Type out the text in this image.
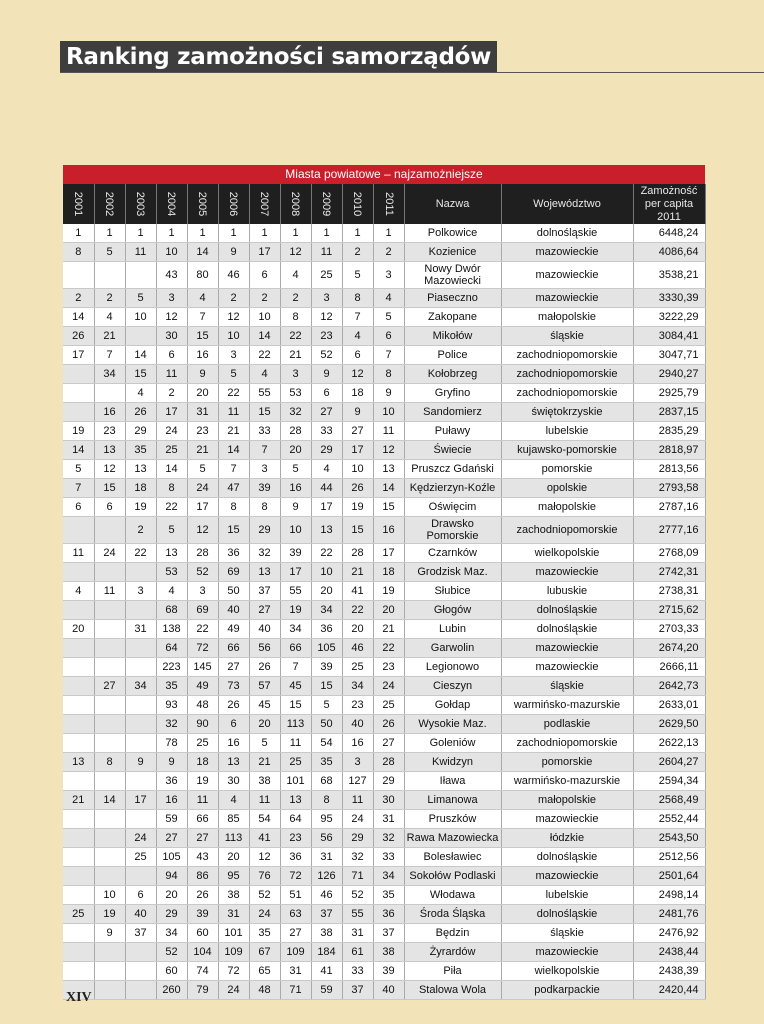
Ranking zamożności samorządów
Miasta powiatowe – najzamożniejsze
2001	2002	2003	2004	2005	2006	2007	2008	2009	2010	2011	Nazwa	Województwo	Zamożność per capita 2011
1	1	1	1	1	1	1	1	1	1	1	Polkowice	dolnośląskie	6448,24
8	5	11	10	14	9	17	12	11	2	2	Kozienice	mazowieckie	4086,64
			43	80	46	6	4	25	5	3	Nowy Dwór Mazowiecki	mazowieckie	3538,21
2	2	5	3	4	2	2	2	3	8	4	Piaseczno	mazowieckie	3330,39
14	4	10	12	7	12	10	8	12	7	5	Zakopane	małopolskie	3222,29
26	21		30	15	10	14	22	23	4	6	Mikołów	śląskie	3084,41
17	7	14	6	16	3	22	21	52	6	7	Police	zachodniopomorskie	3047,71
	34	15	11	9	5	4	3	9	12	8	Kołobrzeg	zachodniopomorskie	2940,27
		4	2	20	22	55	53	6	18	9	Gryfino	zachodniopomorskie	2925,79
	16	26	17	31	11	15	32	27	9	10	Sandomierz	świętokrzyskie	2837,15
19	23	29	24	23	21	33	28	33	27	11	Puławy	lubelskie	2835,29
14	13	35	25	21	14	7	20	29	17	12	Świecie	kujawsko-pomorskie	2818,97
5	12	13	14	5	7	3	5	4	10	13	Pruszcz Gdański	pomorskie	2813,56
7	15	18	8	24	47	39	16	44	26	14	Kędzierzyn-Koźle	opolskie	2793,58
6	6	19	22	17	8	8	9	17	19	15	Oświęcim	małopolskie	2787,16
		2	5	12	15	29	10	13	15	16	Drawsko Pomorskie	zachodniopomorskie	2777,16
11	24	22	13	28	36	32	39	22	28	17	Czarnków	wielkopolskie	2768,09
			53	52	69	13	17	10	21	18	Grodzisk Maz.	mazowieckie	2742,31
4	11	3	4	3	50	37	55	20	41	19	Słubice	lubuskie	2738,31
			68	69	40	27	19	34	22	20	Głogów	dolnośląskie	2715,62
20		31	138	22	49	40	34	36	20	21	Lubin	dolnośląskie	2703,33
			64	72	66	56	66	105	46	22	Garwolin	mazowieckie	2674,20
			223	145	27	26	7	39	25	23	Legionowo	mazowieckie	2666,11
	27	34	35	49	73	57	45	15	34	24	Cieszyn	śląskie	2642,73
			93	48	26	45	15	5	23	25	Gołdap	warmińsko-mazurskie	2633,01
			32	90	6	20	113	50	40	26	Wysokie Maz.	podlaskie	2629,50
			78	25	16	5	11	54	16	27	Goleniów	zachodniopomorskie	2622,13
13	8	9	9	18	13	21	25	35	3	28	Kwidzyn	pomorskie	2604,27
			36	19	30	38	101	68	127	29	Iława	warmińsko-mazurskie	2594,34
21	14	17	16	11	4	11	13	8	11	30	Limanowa	małopolskie	2568,49
			59	66	85	54	64	95	24	31	Pruszków	mazowieckie	2552,44
		24	27	27	113	41	23	56	29	32	Rawa Mazowiecka	łódzkie	2543,50
		25	105	43	20	12	36	31	32	33	Bolesławiec	dolnośląskie	2512,56
			94	86	95	76	72	126	71	34	Sokołów Podlaski	mazowieckie	2501,64
	10	6	20	26	38	52	51	46	52	35	Włodawa	lubelskie	2498,14
25	19	40	29	39	31	24	63	37	55	36	Środa Śląska	dolnośląskie	2481,76
	9	37	34	60	101	35	27	38	31	37	Będzin	śląskie	2476,92
			52	104	109	67	109	184	61	38	Żyrardów	mazowieckie	2438,44
			60	74	72	65	31	41	33	39	Piła	wielkopolskie	2438,39
			260	79	24	48	71	59	37	40	Stalowa Wola	podkarpackie	2420,44
XIV
